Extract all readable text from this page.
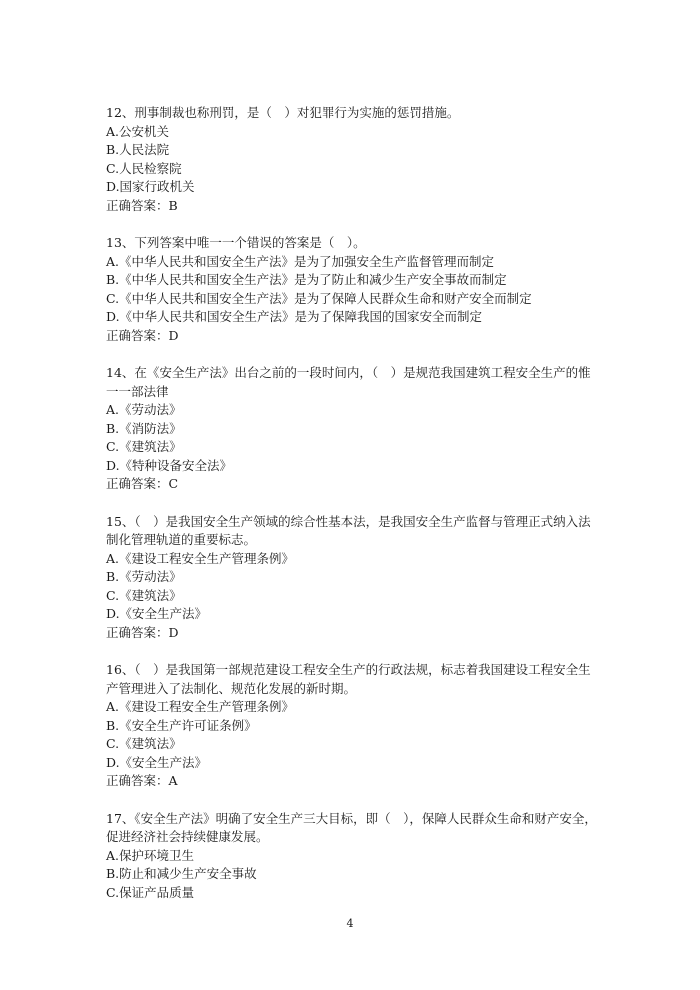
12、刑事制裁也称刑罚，是（　）对犯罪行为实施的惩罚措施。

A.公安机关

B.人民法院

C.人民检察院

D.国家行政机关

正确答案：B

13、下列答案中唯一一个错误的答案是（　）。

A.《中华人民共和国安全生产法》是为了加强安全生产监督管理而制定

B.《中华人民共和国安全生产法》是为了防止和减少生产安全事故而制定

C.《中华人民共和国安全生产法》是为了保障人民群众生命和财产安全而制定

D.《中华人民共和国安全生产法》是为了保障我国的国家安全而制定

正确答案：D

14、在《安全生产法》出台之前的一段时间内，（　）是规范我国建筑工程安全生产的惟一一部法律

A.《劳动法》

B.《消防法》

C.《建筑法》

D.《特种设备安全法》

正确答案：C

15、（　）是我国安全生产领域的综合性基本法，是我国安全生产监督与管理正式纳入法制化管理轨道的重要标志。

A.《建设工程安全生产管理条例》

B.《劳动法》

C.《建筑法》

D.《安全生产法》

正确答案：D

16、（　）是我国第一部规范建设工程安全生产的行政法规，标志着我国建设工程安全生产管理进入了法制化、规范化发展的新时期。

A.《建设工程安全生产管理条例》

B.《安全生产许可证条例》

C.《建筑法》

D.《安全生产法》

正确答案：A

17、《安全生产法》明确了安全生产三大目标，即（　），保障人民群众生命和财产安全，促进经济社会持续健康发展。

A.保护环境卫生

B.防止和减少生产安全事故

C.保证产品质量

4
